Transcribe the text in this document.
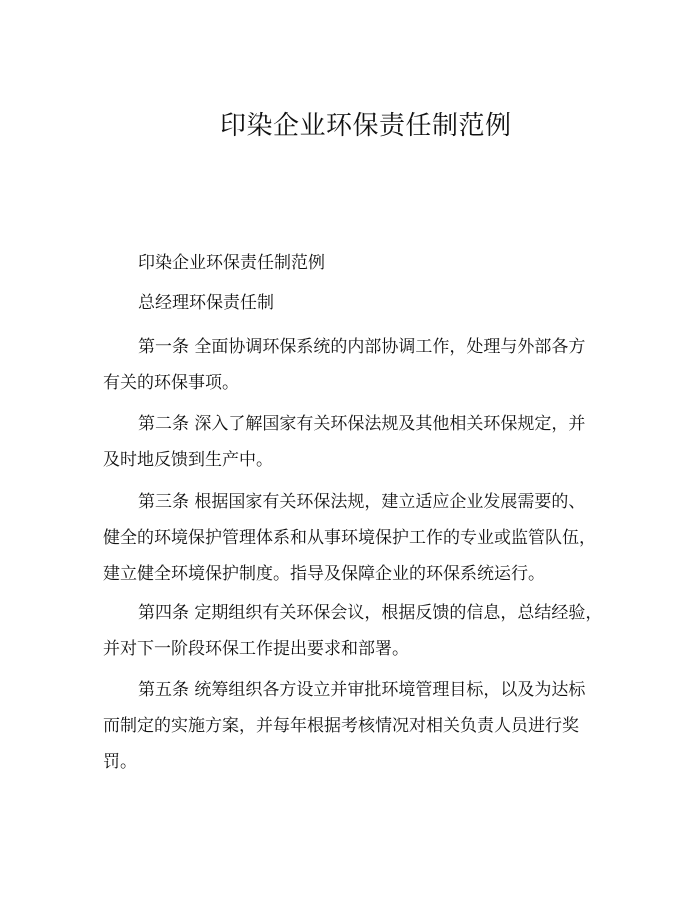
印染企业环保责任制范例

印染企业环保责任制范例

总经理环保责任制

第一条 全面协调环保系统的内部协调工作，处理与外部各方
有关的环保事项。

第二条 深入了解国家有关环保法规及其他相关环保规定，并
及时地反馈到生产中。

第三条 根据国家有关环保法规，建立适应企业发展需要的、
健全的环境保护管理体系和从事环境保护工作的专业或监管队伍，
建立健全环境保护制度。指导及保障企业的环保系统运行。

第四条 定期组织有关环保会议，根据反馈的信息，总结经验，
并对下一阶段环保工作提出要求和部署。

第五条 统筹组织各方设立并审批环境管理目标，以及为达标
而制定的实施方案，并每年根据考核情况对相关负责人员进行奖
罚。
